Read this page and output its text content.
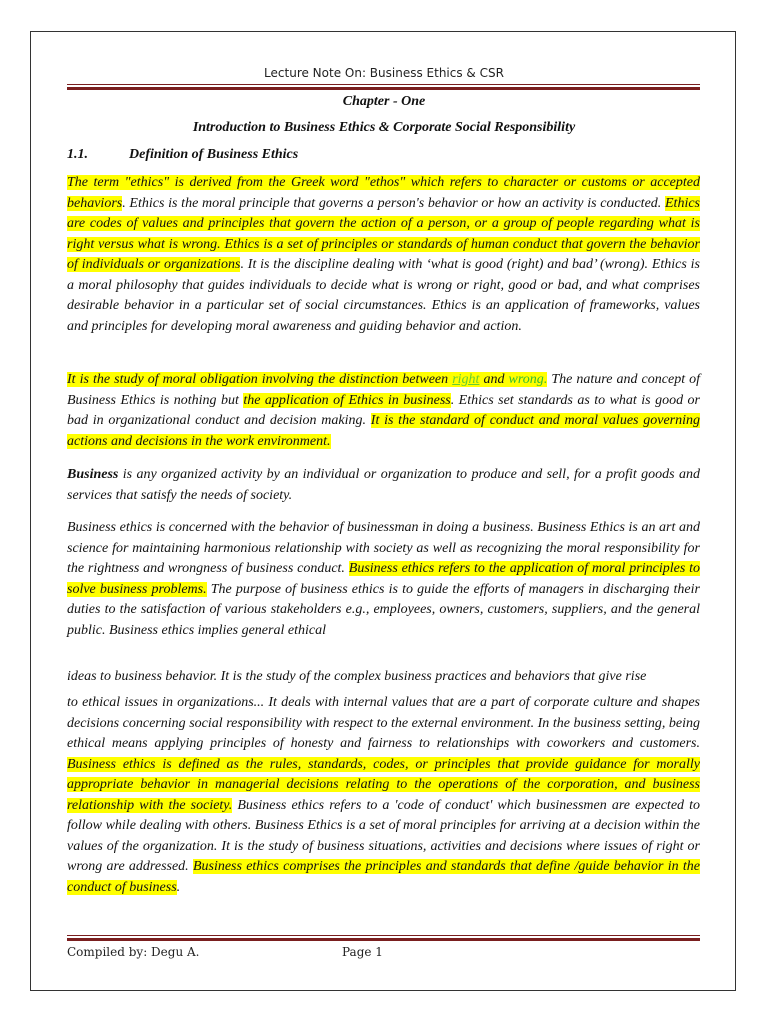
Lecture Note On: Business Ethics & CSR
Chapter - One
Introduction to Business Ethics & Corporate Social Responsibility
1.1.	Definition of Business Ethics

The term "ethics" is derived from the Greek word "ethos" which refers to character or customs or accepted behaviors. Ethics is the moral principle that governs a person's behavior or how an activity is conducted. Ethics are codes of values and principles that govern the action of a person, or a group of people regarding what is right versus what is wrong. Ethics is a set of principles or standards of human conduct that govern the behavior of individuals or organizations. It is the discipline dealing with ‘what is good (right) and bad’ (wrong). Ethics is a moral philosophy that guides individuals to decide what is wrong or right, good or bad, and what comprises desirable behavior in a particular set of social circumstances. Ethics is an application of frameworks, values and principles for developing moral awareness and guiding behavior and action.

It is the study of moral obligation involving the distinction between right and wrong. The nature and concept of Business Ethics is nothing but the application of Ethics in business. Ethics set standards as to what is good or bad in organizational conduct and decision making. It is the standard of conduct and moral values governing actions and decisions in the work environment.

Business is any organized activity by an individual or organization to produce and sell, for a profit goods and services that satisfy the needs of society.

Business ethics is concerned with the behavior of businessman in doing a business. Business Ethics is an art and science for maintaining harmonious relationship with society as well as recognizing the moral responsibility for the rightness and wrongness of business conduct. Business ethics refers to the application of moral principles to solve business problems. The purpose of business ethics is to guide the efforts of managers in discharging their duties to the satisfaction of various stakeholders e.g., employees, owners, customers, suppliers, and the general public. Business ethics implies general ethical

ideas to business behavior. It is the study of the complex business practices and behaviors that give rise

to ethical issues in organizations... It deals with internal values that are a part of corporate culture and shapes decisions concerning social responsibility with respect to the external environment. In the business setting, being ethical means applying principles of honesty and fairness to relationships with coworkers and customers. Business ethics is defined as the rules, standards, codes, or principles that provide guidance for morally appropriate behavior in managerial decisions relating to the operations of the corporation, and business relationship with the society. Business ethics refers to a 'code of conduct' which businessmen are expected to follow while dealing with others. Business Ethics is a set of moral principles for arriving at a decision within the values of the organization. It is the study of business situations, activities and decisions where issues of right or wrong are addressed. Business ethics comprises the principles and standards that define /guide behavior in the conduct of business.

Compiled by: Degu A.	Page 1
